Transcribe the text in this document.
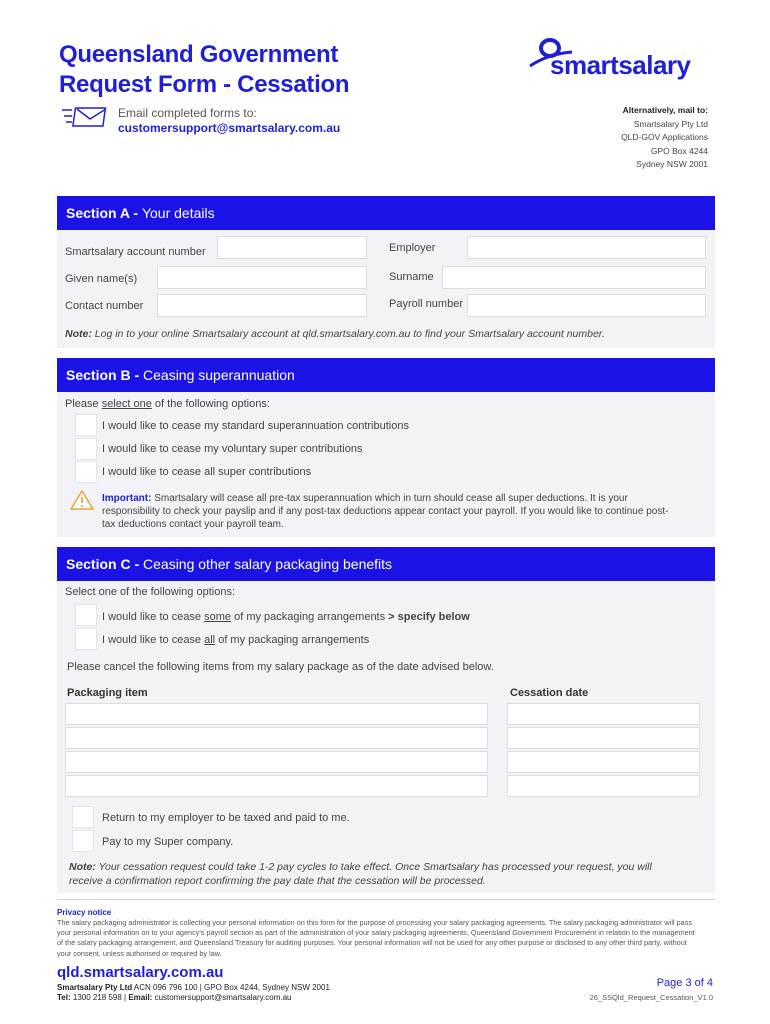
Queensland Government
Request Form - Cessation
smartsalary
Email completed forms to:
customersupport@smartsalary.com.au
Alternatively, mail to:
Smartsalary Pty Ltd
QLD-GOV Applications
GPO Box 4244
Sydney NSW 2001
Section A - Your details
Smartsalary account number	Employer
Given name(s)	Surname
Contact number	Payroll number
Note: Log in to your online Smartsalary account at qld.smartsalary.com.au to find your Smartsalary account number.
Section B - Ceasing superannuation
Please select one of the following options:
I would like to cease my standard superannuation contributions
I would like to cease my voluntary super contributions
I would like to cease all super contributions
Important: Smartsalary will cease all pre-tax superannuation which in turn should cease all super deductions. It is your responsibility to check your payslip and if any post-tax deductions appear contact your payroll. If you would like to continue post-tax deductions contact your payroll team.
Section C - Ceasing other salary packaging benefits
Select one of the following options:
I would like to cease some of my packaging arrangements > specify below
I would like to cease all of my packaging arrangements
Please cancel the following items from my salary package as of the date advised below.
Packaging item	Cessation date
Return to my employer to be taxed and paid to me.
Pay to my Super company.
Note: Your cessation request could take 1-2 pay cycles to take effect. Once Smartsalary has processed your request, you will receive a confirmation report confirming the pay date that the cessation will be processed.
Privacy notice
The salary packaging administrator is collecting your personal information on this form for the purpose of processing your salary packaging agreements. The salary packaging administrator will pass your personal information on to your agency's payroll section as part of the administration of your salary packaging agreements, Queensland Government Procurement in relation to the management of the salary packaging arrangement, and Queensland Treasury for auditing purposes. Your personal information will not be used for any other purpose or disclosed to any other third party, without your consent, unless authorised or required by law.
qld.smartsalary.com.au
Smartsalary Pty Ltd ACN 096 796 100 | GPO Box 4244, Sydney NSW 2001
Tel: 1300 218 598 | Email: customersupport@smartsalary.com.au
Page 3 of 4
26_SSQld_Request_Cessation_V1.0
